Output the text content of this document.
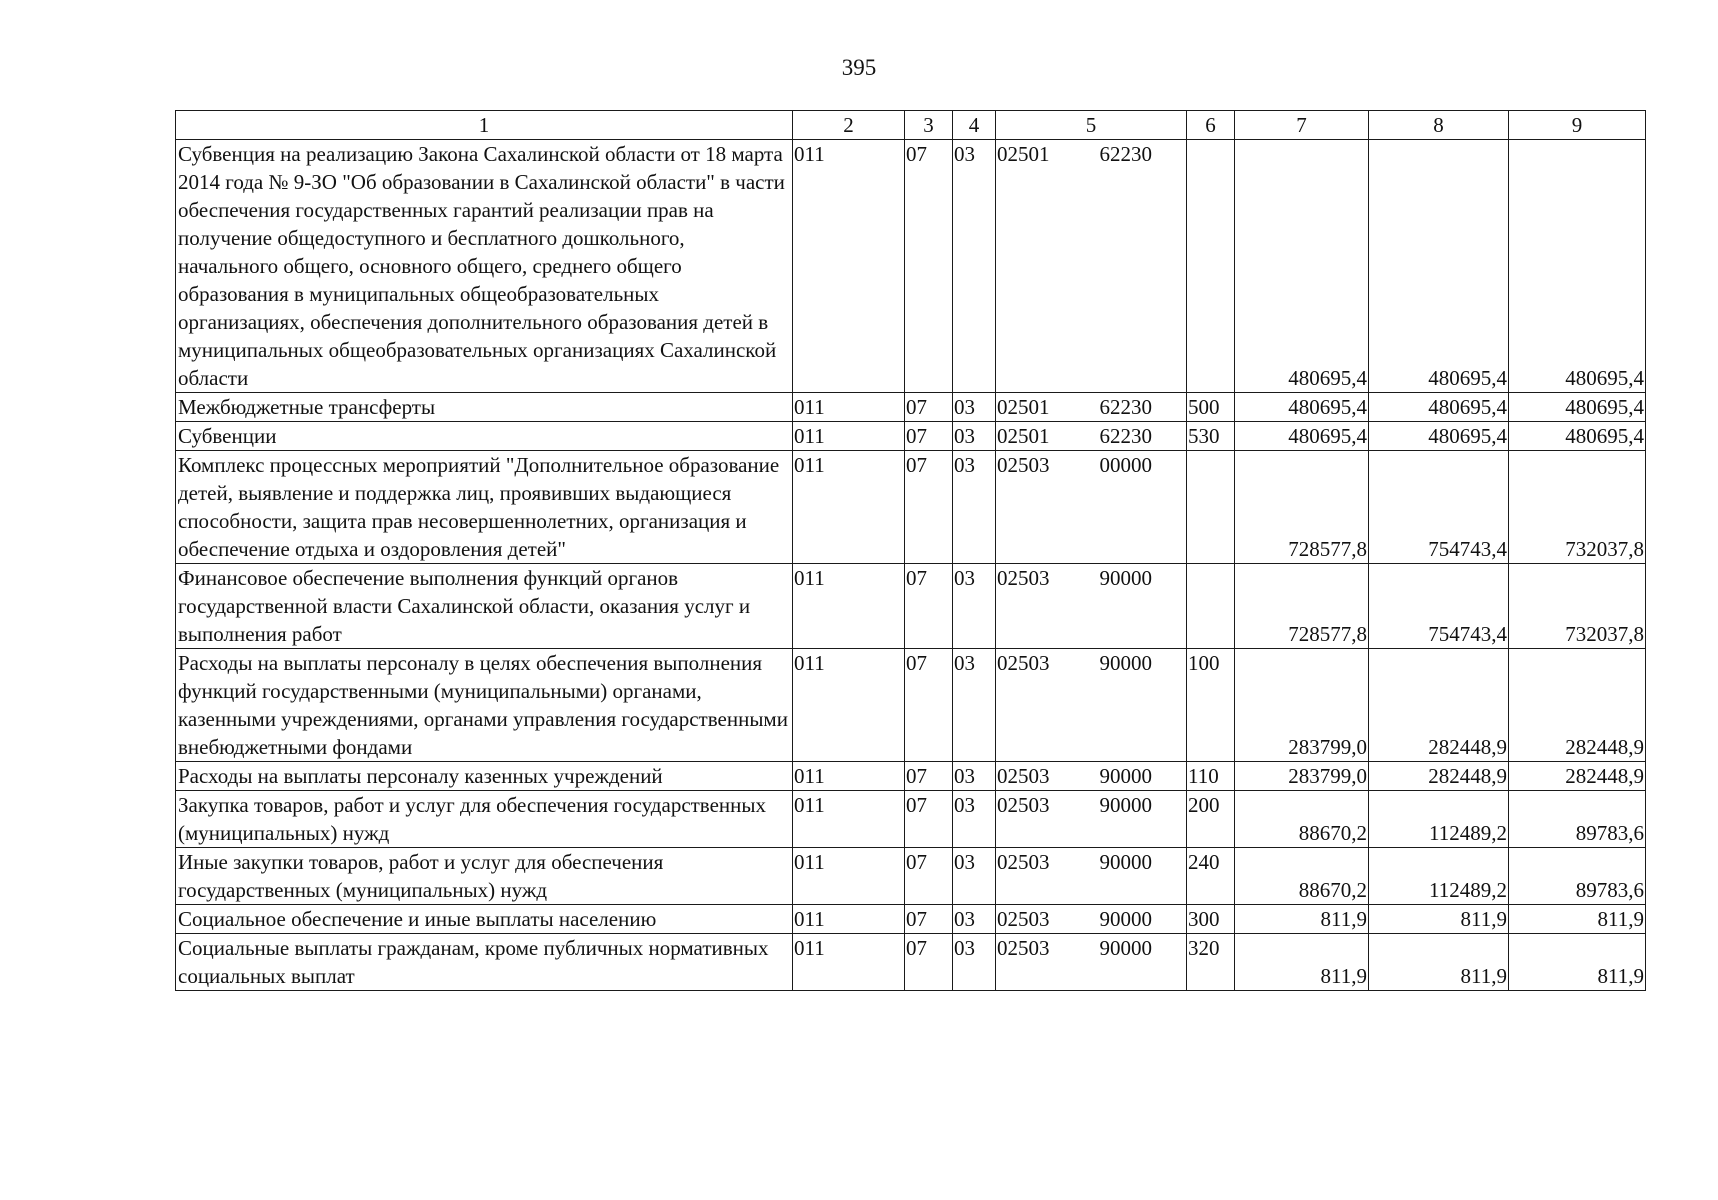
395
1	2	3	4	5	6	7	8	9
Субвенция на реализацию Закона Сахалинской области от 18 марта 2014 года № 9-ЗО "Об образовании в Сахалинской области" в части обеспечения государственных гарантий реализации прав на получение общедоступного и бесплатного дошкольного, начального общего, основного общего, среднего общего образования в муниципальных общеобразовательных организациях, обеспечения дополнительного образования детей в муниципальных общеобразовательных организациях Сахалинской области	011	07	03	02501 62230		480695,4	480695,4	480695,4
Межбюджетные трансферты	011	07	03	02501 62230	500	480695,4	480695,4	480695,4
Субвенции	011	07	03	02501 62230	530	480695,4	480695,4	480695,4
Комплекс процессных мероприятий "Дополнительное образование детей, выявление и поддержка лиц, проявивших выдающиеся способности, защита прав несовершеннолетних, организация и обеспечение отдыха и оздоровления детей"	011	07	03	02503 00000		728577,8	754743,4	732037,8
Финансовое обеспечение выполнения функций органов государственной власти Сахалинской области, оказания услуг и выполнения работ	011	07	03	02503 90000		728577,8	754743,4	732037,8
Расходы на выплаты персоналу в целях обеспечения выполнения функций государственными (муниципальными) органами, казенными учреждениями, органами управления государственными внебюджетными фондами	011	07	03	02503 90000	100	283799,0	282448,9	282448,9
Расходы на выплаты персоналу казенных учреждений	011	07	03	02503 90000	110	283799,0	282448,9	282448,9
Закупка товаров, работ и услуг для обеспечения государственных (муниципальных) нужд	011	07	03	02503 90000	200	88670,2	112489,2	89783,6
Иные закупки товаров, работ и услуг для обеспечения государственных (муниципальных) нужд	011	07	03	02503 90000	240	88670,2	112489,2	89783,6
Социальное обеспечение и иные выплаты населению	011	07	03	02503 90000	300	811,9	811,9	811,9
Социальные выплаты гражданам, кроме публичных нормативных социальных выплат	011	07	03	02503 90000	320	811,9	811,9	811,9
